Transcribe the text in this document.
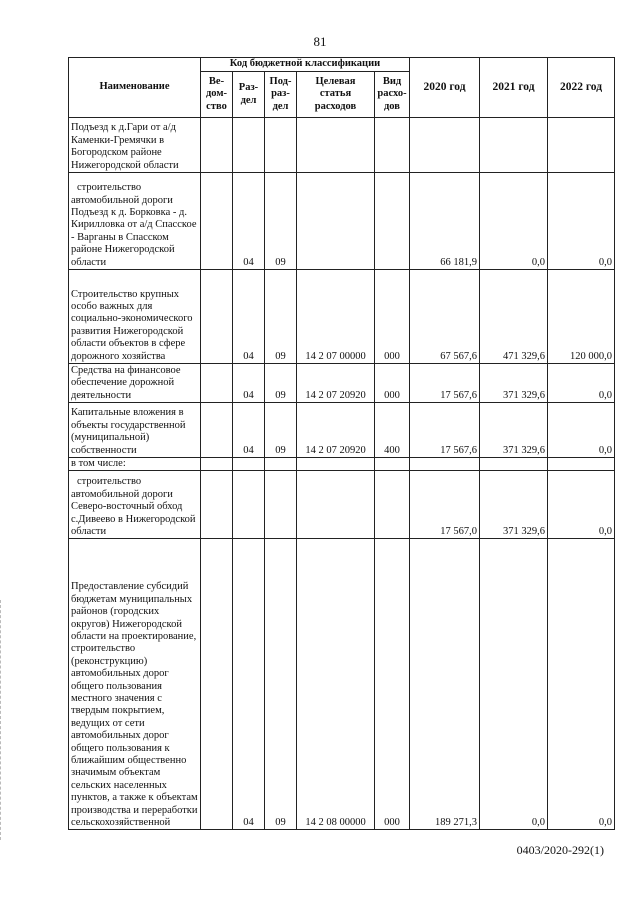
81
Наименование	Код бюджетной классификации					2020 год	2021 год	2022 год
	Ве-дом-ство	Раз-дел	Под-раз-дел	Целевая статья расходов	Вид расхо-дов			
Подъезд к д.Гари от а/д Каменки-Гремячки в Богородском районе Нижегородской области								

строительство автомобильной дороги Подъезд к д. Борковка - д. Кирилловка от а/д Спасское - Варганы в Спасском районе Нижегородской области		04	09			66 181,9	0,0	0,0
Строительство крупных особо важных для социально-экономического развития Нижегородской области объектов в сфере дорожного хозяйства		04	09	14 2 07 00000	000	67 567,6	471 329,6	120 000,0
Средства на финансовое обеспечение дорожной деятельности		04	09	14 2 07 20920	000	17 567,6	371 329,6	0,0
Капитальные вложения в объекты государственной (муниципальной) собственности		04	09	14 2 07 20920	400	17 567,6	371 329,6	0,0
в том числе:								

строительство автомобильной дороги Северо-восточный обход с.Дивеево в Нижегородской области						17 567,0	371 329,6	0,0
Предоставление субсидий бюджетам муниципальных районов (городских округов) Нижегородской области на проектирование, строительство (реконструкцию) автомобильных дорог общего пользования местного значения с твердым покрытием, ведущих от сети автомобильных дорог общего пользования к ближайшим общественно значимым объектам сельских населенных пунктов, а также к объектам производства и переработки сельскохозяйственной		04	09	14 2 08 00000	000	189 271,3	0,0	0,0
0403/2020-292(1)
